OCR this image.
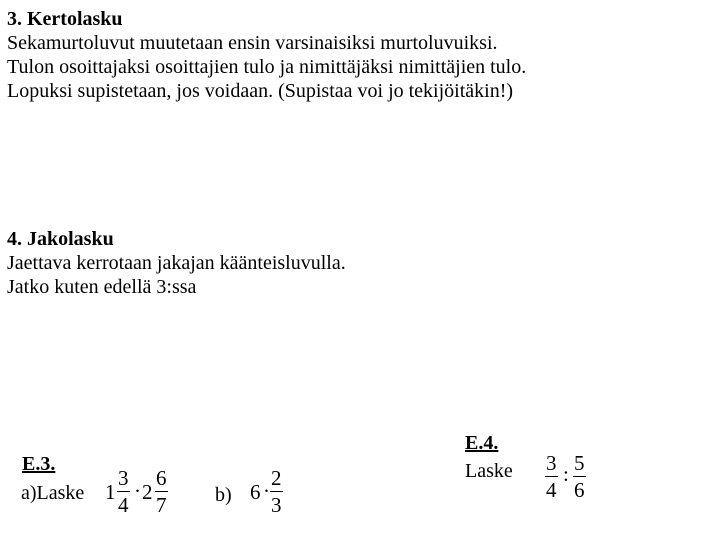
3. Kertolasku
Sekamurtoluvut muutetaan ensin varsinaisiksi murtoluvuiksi.
Tulon osoittajaksi osoittajien tulo ja nimittäjäksi nimittäjien tulo.
Lopuksi supistetaan, jos voidaan. (Supistaa voi jo tekijöitäkin!)
4. Jakolasku
Jaettava kerrotaan jakajan käänteisluvulla.
Jatko kuten edellä 3:ssa
E.3.
a)Laske $1 \frac{3}{4} \cdot 2 \frac{6}{7} b$) $6 \cdot \frac{2}{3}$
E.4.
Laske $\frac{3}{4}$ : $\frac{5}{6}$
